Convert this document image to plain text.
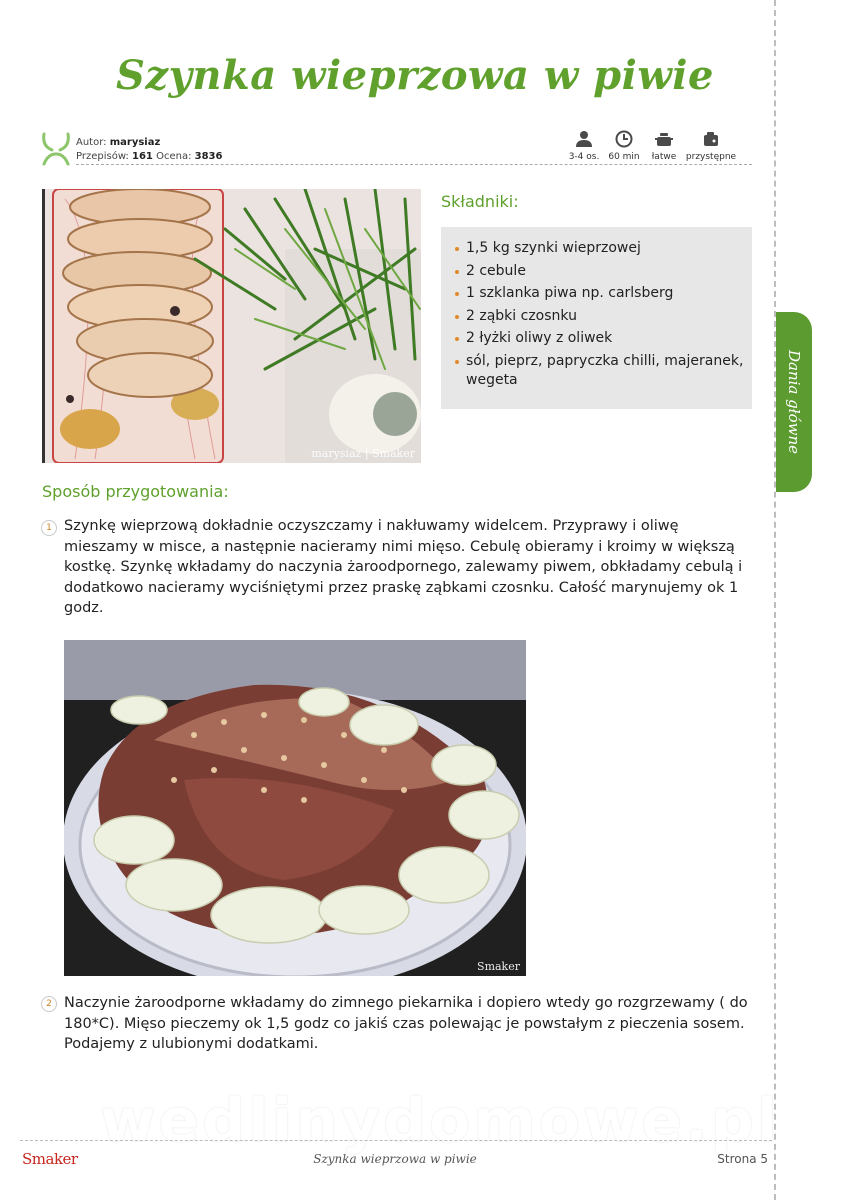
Dania główne
Szynka wieprzowa w piwie
Autor: marysiaz
Przepisów: 161 Ocena: 3836	3-4 os.	60 min	łatwe	przystępne
marysiaz | Smaker
Składniki:
1,5 kg szynki wieprzowej
2 cebule
1 szklanka piwa np. carlsberg
2 ząbki czosnku
2 łyżki oliwy z oliwek
sól, pieprz, papryczka chilli, majeranek, wegeta
Sposób przygotowania:
1 Szynkę wieprzową dokładnie oczyszczamy i nakłuwamy widelcem. Przyprawy i oliwę mieszamy w misce, a następnie nacieramy nimi mięso. Cebulę obieramy i kroimy w większą kostkę. Szynkę wkładamy do naczynia żaroodpornego, zalewamy piwem, obkładamy cebulą i dodatkowo nacieramy wyciśniętymi przez praskę ząbkami czosnku. Całość marynujemy ok 1 godz.
Smaker
2 Naczynie żaroodporne wkładamy do zimnego piekarnika i dopiero wtedy go rozgrzewamy ( do 180*C). Mięso pieczemy ok 1,5 godz co jakiś czas polewając je powstałym z pieczenia sosem. Podajemy z ulubionymi dodatkami.
wedlinydomowe.pl
Smaker	Szynka wieprzowa w piwie	Strona 5
